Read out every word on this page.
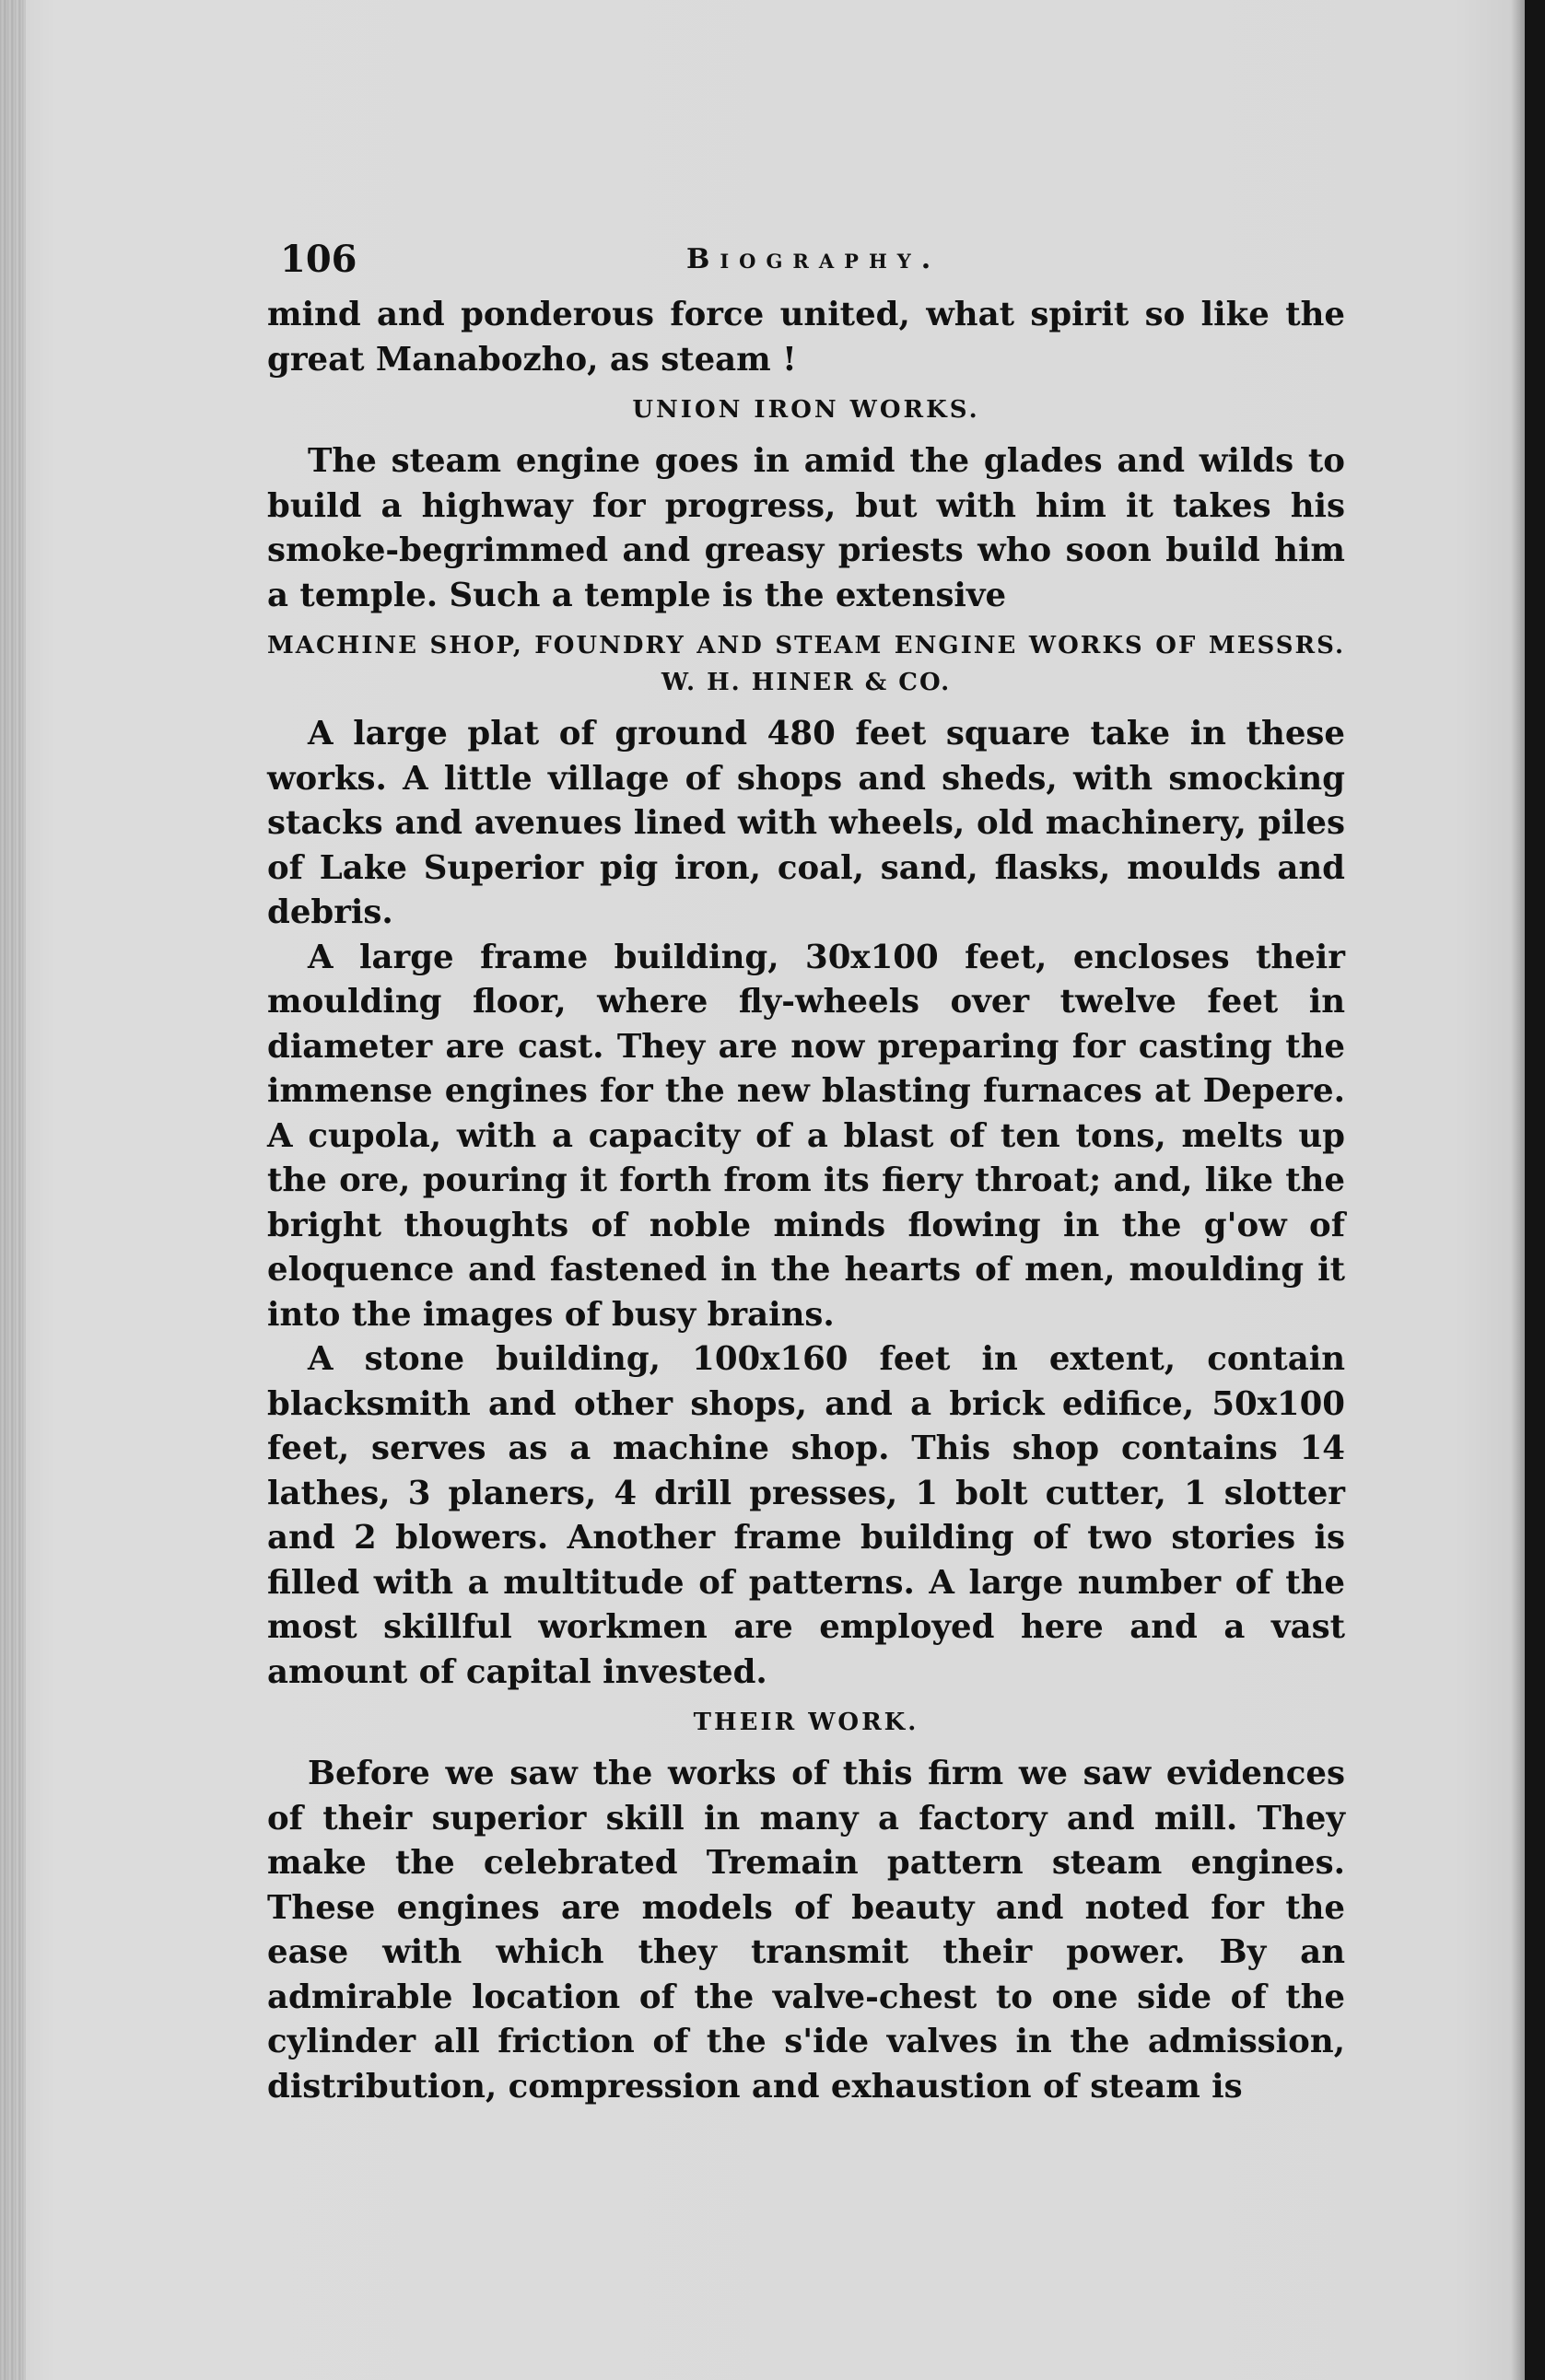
106	Biography.

mind and ponderous force united, what spirit so like the great Manabozho, as steam !

UNION IRON WORKS.

The steam engine goes in amid the glades and wilds to build a highway for progress, but with him it takes his smoke-begrimmed and greasy priests who soon build him a temple. Such a temple is the extensive

MACHINE SHOP, FOUNDRY AND STEAM ENGINE WORKS OF MESSRS. W. H. HINER & CO.

A large plat of ground 480 feet square take in these works. A little village of shops and sheds, with smocking stacks and avenues lined with wheels, old machinery, piles of Lake Superior pig iron, coal, sand, flasks, moulds and debris.

A large frame building, 30x100 feet, encloses their moulding floor, where fly-wheels over twelve feet in diameter are cast. They are now preparing for casting the immense engines for the new blasting furnaces at Depere. A cupola, with a capacity of a blast of ten tons, melts up the ore, pouring it forth from its fiery throat; and, like the bright thoughts of noble minds flowing in the g'ow of eloquence and fastened in the hearts of men, moulding it into the images of busy brains.

A stone building, 100x160 feet in extent, contain blacksmith and other shops, and a brick edifice, 50x100 feet, serves as a machine shop. This shop contains 14 lathes, 3 planers, 4 drill presses, 1 bolt cutter, 1 slotter and 2 blowers. Another frame building of two stories is filled with a multitude of patterns. A large number of the most skillful workmen are employed here and a vast amount of capital invested.

THEIR WORK.

Before we saw the works of this firm we saw evidences of their superior skill in many a factory and mill. They make the celebrated Tremain pattern steam engines. These engines are models of beauty and noted for the ease with which they transmit their power. By an admirable location of the valve-chest to one side of the cylinder all friction of the s'ide valves in the admission, distribution, compression and exhaustion of steam is
